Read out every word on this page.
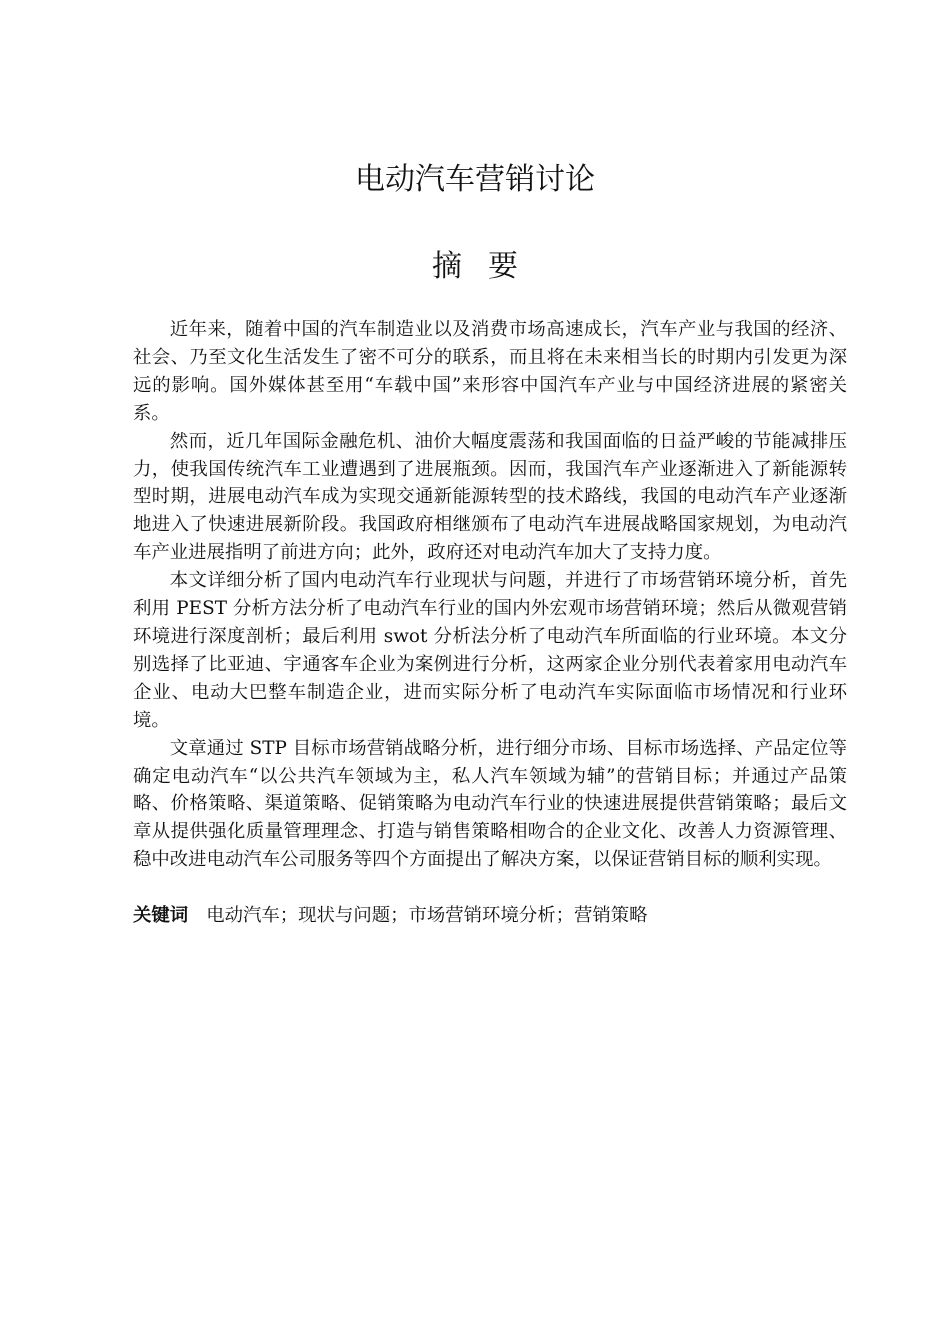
电动汽车营销讨论
摘要

近年来，随着中国的汽车制造业以及消费市场高速成长，汽车产业与我国的经济、社会、乃至文化生活发生了密不可分的联系，而且将在未来相当长的时期内引发更为深远的影响。国外媒体甚至用“车载中国”来形容中国汽车产业与中国经济进展的紧密关系。

然而，近几年国际金融危机、油价大幅度震荡和我国面临的日益严峻的节能减排压力，使我国传统汽车工业遭遇到了进展瓶颈。因而，我国汽车产业逐渐进入了新能源转型时期，进展电动汽车成为实现交通新能源转型的技术路线，我国的电动汽车产业逐渐地进入了快速进展新阶段。我国政府相继颁布了电动汽车进展战略国家规划，为电动汽车产业进展指明了前进方向；此外，政府还对电动汽车加大了支持力度。

本文详细分析了国内电动汽车行业现状与问题，并进行了市场营销环境分析，首先利用 PEST 分析方法分析了电动汽车行业的国内外宏观市场营销环境；然后从微观营销环境进行深度剖析；最后利用 swot 分析法分析了电动汽车所面临的行业环境。本文分别选择了比亚迪、宇通客车企业为案例进行分析，这两家企业分别代表着家用电动汽车企业、电动大巴整车制造企业，进而实际分析了电动汽车实际面临市场情况和行业环境。

文章通过 STP 目标市场营销战略分析，进行细分市场、目标市场选择、产品定位等确定电动汽车“以公共汽车领域为主，私人汽车领域为辅”的营销目标；并通过产品策略、价格策略、渠道策略、促销策略为电动汽车行业的快速进展提供营销策略；最后文章从提供强化质量管理理念、打造与销售策略相吻合的企业文化、改善人力资源管理、稳中改进电动汽车公司服务等四个方面提出了解决方案，以保证营销目标的顺利实现。

关键词 电动汽车；现状与问题；市场营销环境分析；营销策略
